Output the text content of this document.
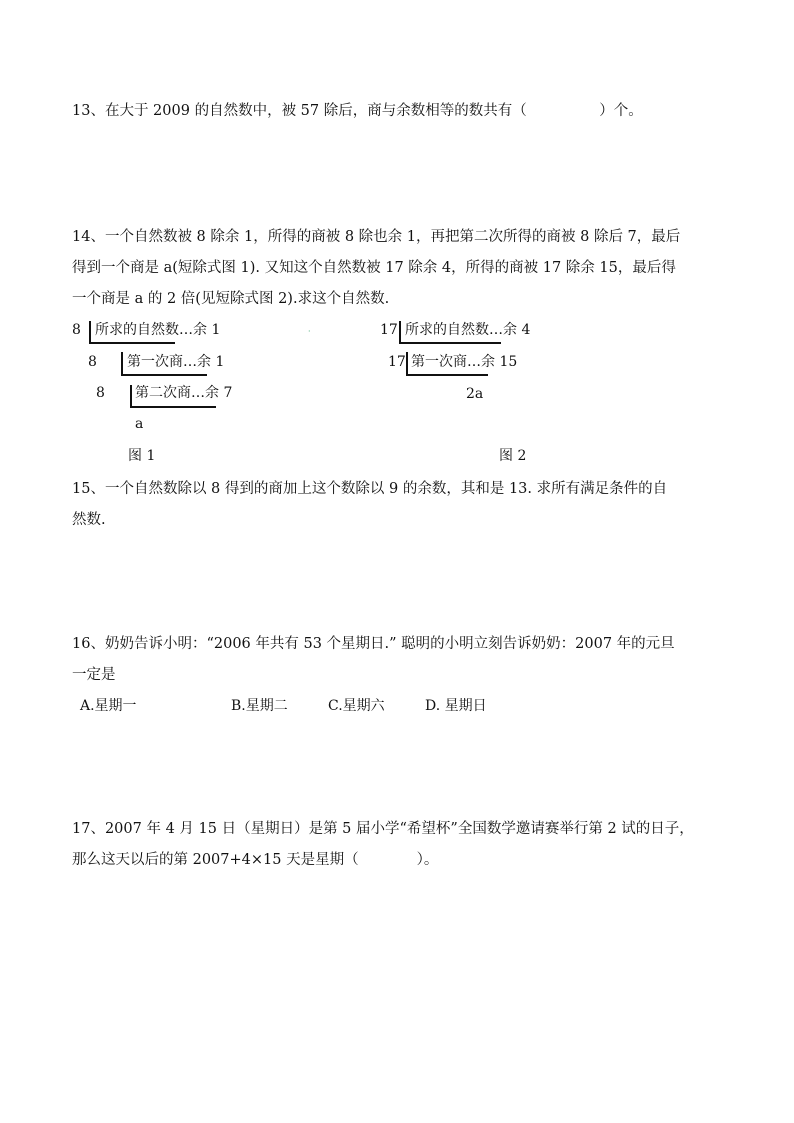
13、在大于 2009 的自然数中，被 57 除后，商与余数相等的数共有（　　　　　）个。
14、一个自然数被 8 除余 1，所得的商被 8 除也余 1，再把第二次所得的商被 8 除后 7，最后
得到一个商是 a(短除式图 1). 又知这个自然数被 17 除余 4，所得的商被 17 除余 15，最后得
一个商是 a 的 2 倍(见短除式图 2).求这个自然数.
8 所求的自然数…余 1
8 第一次商…余 1
8 第二次商…余 7
a
图 1
·	17 所求的自然数…余 4
17 第一次商…余 15
2a
图 2
15、一个自然数除以 8 得到的商加上这个数除以 9 的余数，其和是 13. 求所有满足条件的自
然数.
16、奶奶告诉小明：“2006 年共有 53 个星期日.” 聪明的小明立刻告诉奶奶：2007 年的元旦
一定是
A.星期一	B.星期二	C.星期六	D. 星期日
17、2007 年 4 月 15 日（星期日）是第 5 届小学“希望杯”全国数学邀请赛举行第 2 试的日子，
那么这天以后的第 2007+4×15 天是星期（　　　　）。
